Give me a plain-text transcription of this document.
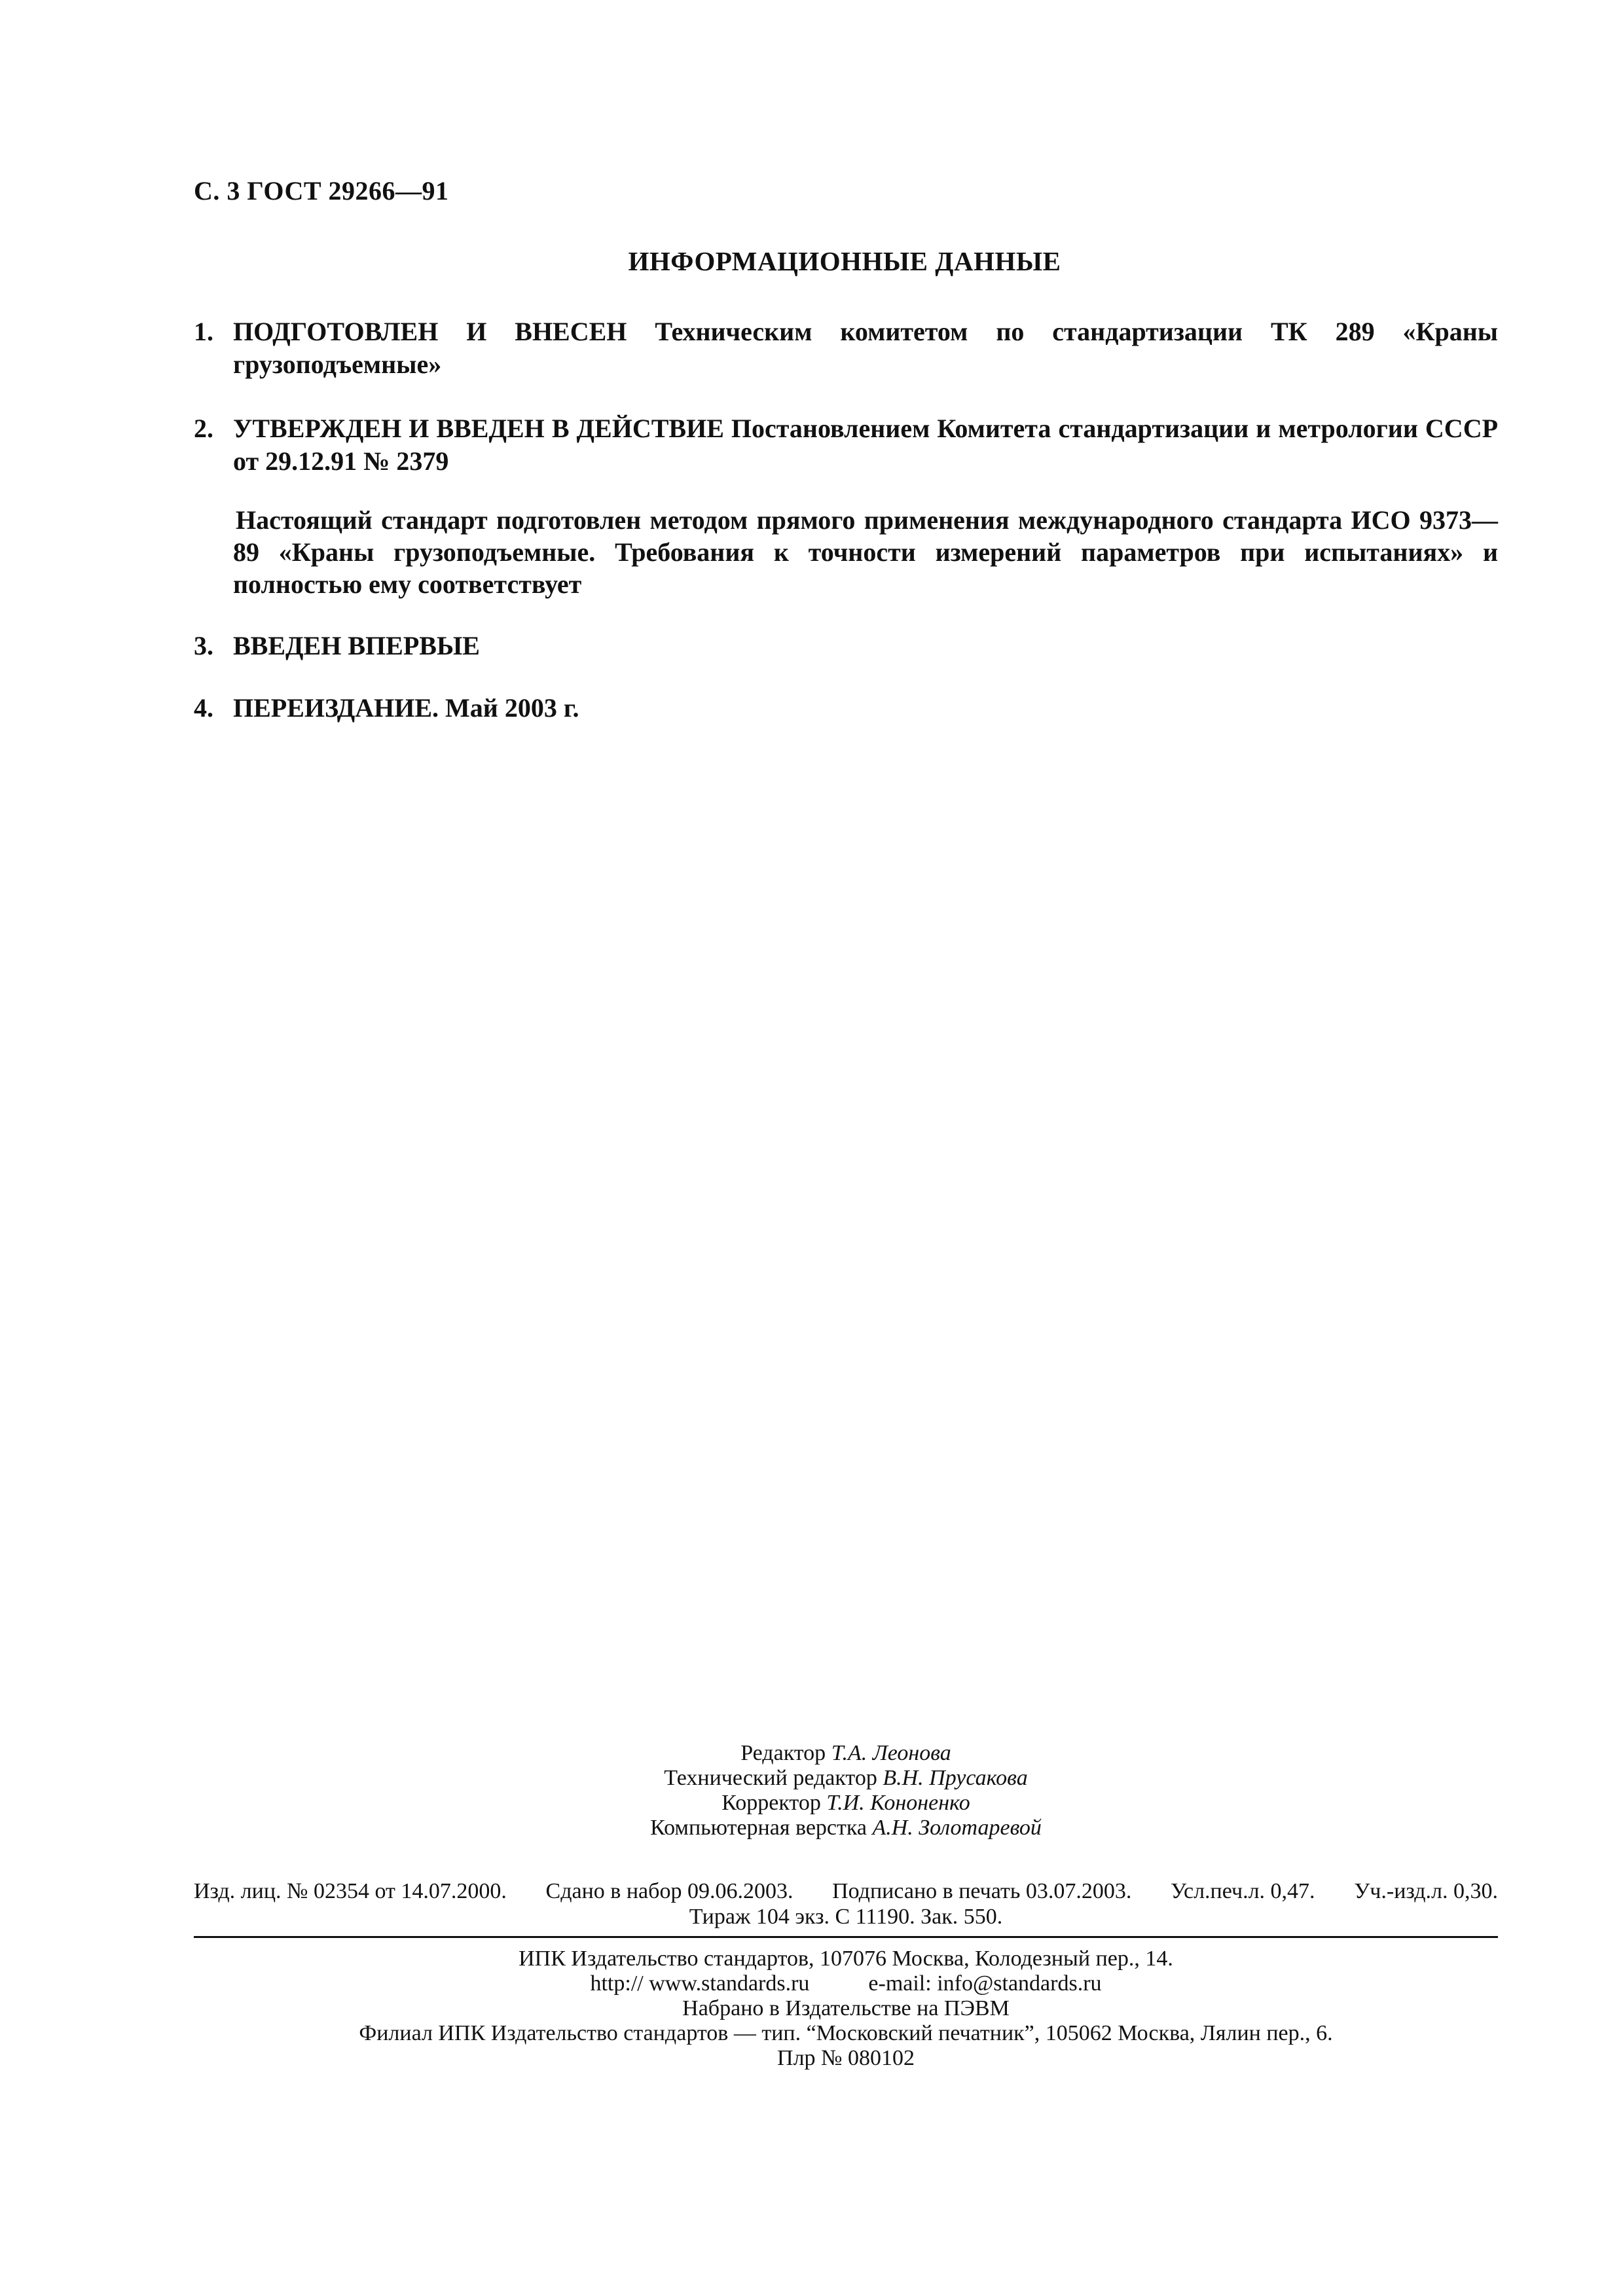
С. 3 ГОСТ 29266—91
ИНФОРМАЦИОННЫЕ ДАННЫЕ
1. ПОДГОТОВЛЕН И ВНЕСЕН Техническим комитетом по стандартизации ТК 289 «Краны грузоподъемные»
2. УТВЕРЖДЕН И ВВЕДЕН В ДЕЙСТВИЕ Постановлением Комитета стандартизации и метрологии СССР от 29.12.91 № 2379
Настоящий стандарт подготовлен методом прямого применения международного стандарта ИСО 9373—89 «Краны грузоподъемные. Требования к точности измерений параметров при испытаниях» и полностью ему соответствует
3. ВВЕДЕН ВПЕРВЫЕ
4. ПЕРЕИЗДАНИЕ. Май 2003 г.
Редактор Т.А. Леонова
Технический редактор В.Н. Прусакова
Корректор Т.И. Кононенко
Компьютерная верстка А.Н. Золотаревой
Изд. лиц. № 02354 от 14.07.2000. Сдано в набор 09.06.2003. Подписано в печать 03.07.2003. Усл.печ.л. 0,47. Уч.-изд.л. 0,30.
Тираж 104 экз. С 11190. Зак. 550.
ИПК Издательство стандартов, 107076 Москва, Колодезный пер., 14.
http:// www.standards.ru	e-mail: info@standards.ru
Набрано в Издательстве на ПЭВМ
Филиал ИПК Издательство стандартов — тип. “Московский печатник”, 105062 Москва, Лялин пер., 6.
Плр № 080102
